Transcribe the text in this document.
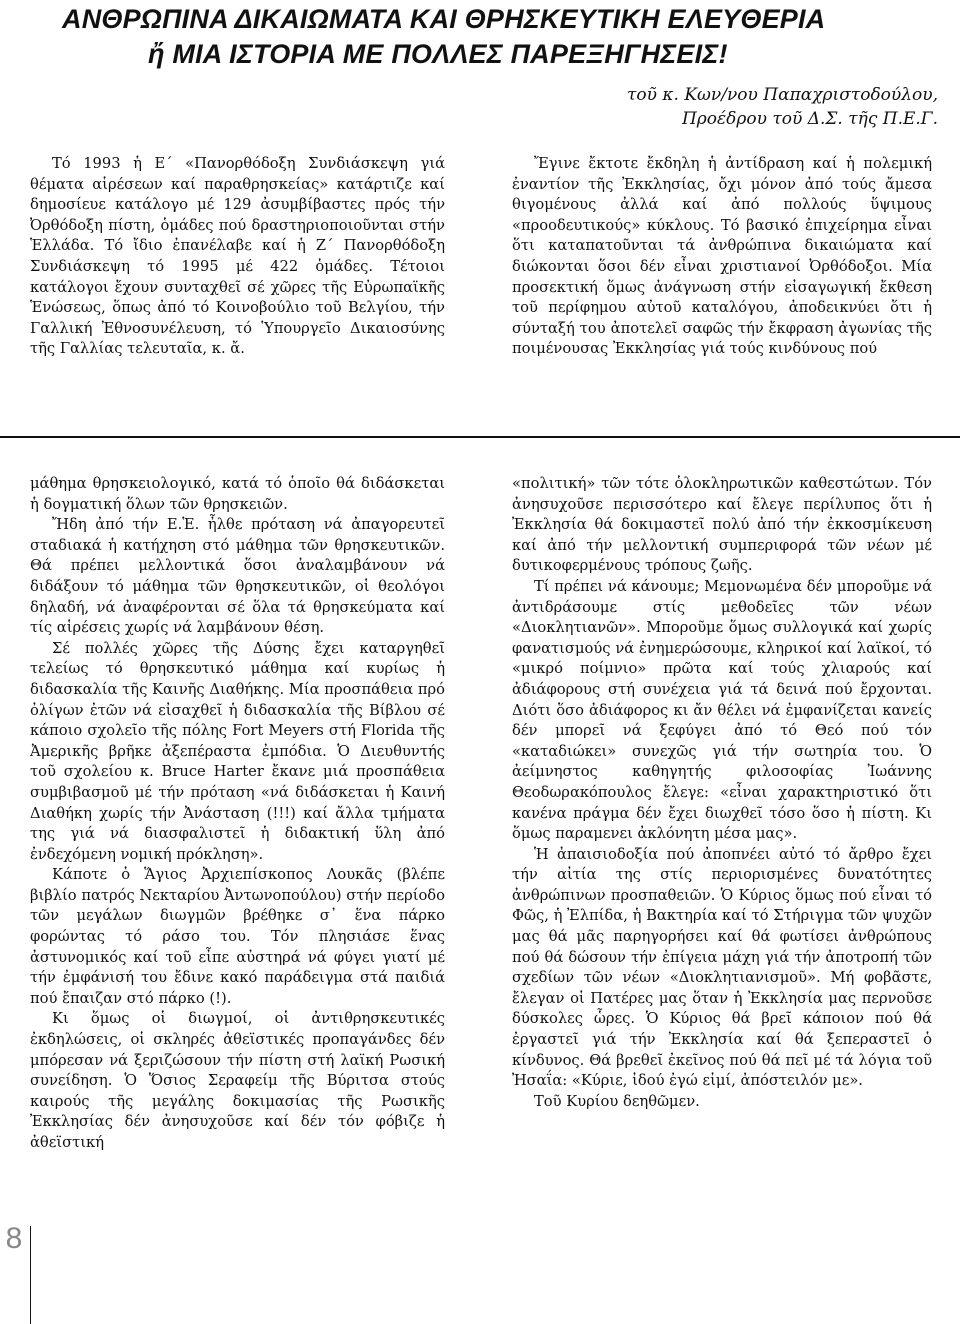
ΑΝΘΡΩΠΙΝΑ ΔΙΚΑΙΩΜΑΤΑ ΚΑΙ ΘΡΗΣΚΕΥΤΙΚΗ ΕΛΕΥΘΕΡΙΑ
ἤ ΜΙΑ ΙΣΤΟΡΙΑ ΜΕ ΠΟΛΛΕΣ ΠΑΡΕΞΗΓΗΣΕΙΣ!
τοῦ κ. Κων/νου Παπαχριστοδούλου,
Προέδρου τοῦ Δ.Σ. τῆς Π.Ε.Γ.

Τό 1993 ἡ Ε΄ «Πανορθόδοξη Συνδιάσκεψη γιά θέματα αἱρέσεων καί παραθρησκείας» κατάρτιζε καί δημοσίευε κατάλογο μέ 129 ἀσυμβίβαστες πρός τήν Ὀρθόδοξη πίστη, ὁμάδες πού δραστηριοποιοῦνται στήν Ἑλλάδα. Τό ἴδιο ἐπανέλαβε καί ἡ Ζ΄ Πανορθόδοξη Συνδιάσκεψη τό 1995 μέ 422 ὁμάδες. Τέτοιοι κατάλογοι ἔχουν συνταχθεῖ σέ χῶρες τῆς Εὐρωπαϊκῆς Ἑνώσεως, ὅπως ἀπό τό Κοινοβούλιο τοῦ Βελγίου, τήν Γαλλική Ἐθνοσυνέλευση, τό Ὑπουργεῖο Δικαιοσύνης τῆς Γαλλίας τελευταῖα, κ. ἄ.

Ἔγινε ἔκτοτε ἔκδηλη ἡ ἀντίδραση καί ἡ πολεμική ἐναντίον τῆς Ἐκκλησίας, ὄχι μόνον ἀπό τούς ἄμεσα θιγομένους ἀλλά καί ἀπό πολλούς ὕψιμους «προοδευτικούς» κύκλους. Τό βασικό ἐπιχείρημα εἶναι ὅτι καταπατοῦνται τά ἀνθρώπινα δικαιώματα καί διώκονται ὅσοι δέν εἶναι χριστιανοί Ὀρθόδοξοι. Μία προσεκτική ὅμως ἀνάγνωση στήν εἰσαγωγική ἔκθεση τοῦ περίφημου αὐτοῦ καταλόγου, ἀποδεικνύει ὅτι ἡ σύνταξή του ἀποτελεῖ σαφῶς τήν ἔκφραση ἀγωνίας τῆς ποιμένουσας Ἐκκλησίας γιά τούς κινδύνους πού

μάθημα θρησκειολογικό, κατά τό ὁποῖο θά διδάσκεται ἡ δογματική ὅλων τῶν θρησκειῶν.

Ἤδη ἀπό τήν Ε.Ἑ. ἦλθε πρόταση νά ἀπαγορευτεῖ σταδιακά ἡ κατήχηση στό μάθημα τῶν θρησκευτικῶν. Θά πρέπει μελλοντικά ὅσοι ἀναλαμβάνουν νά διδάξουν τό μάθημα τῶν θρησκευτικῶν, οἱ θεολόγοι δηλαδή, νά ἀναφέρονται σέ ὅλα τά θρησκεύματα καί τίς αἱρέσεις χωρίς νά λαμβάνουν θέση.

Σέ πολλές χῶρες τῆς Δύσης ἔχει καταργηθεῖ τελείως τό θρησκευτικό μάθημα καί κυρίως ἡ διδασκαλία τῆς Καινῆς Διαθήκης. Μία προσπάθεια πρό ὀλίγων ἐτῶν νά εἰσαχθεῖ ἡ διδασκαλία τῆς Βίβλου σέ κάποιο σχολεῖο τῆς πόλης Fort Meyers στή Florida τῆς Ἀμερικῆς βρῆκε ἀξεπέραστα ἐμπόδια. Ὁ Διευθυντής τοῦ σχολείου κ. Bruce Harter ἔκανε μιά προσπάθεια συμβιβασμοῦ μέ τήν πρόταση «νά διδάσκεται ἡ Καινή Διαθήκη χωρίς τήν Ἀνάσταση (!!!) καί ἄλλα τμήματα της γιά νά διασφαλιστεῖ ἡ διδακτική ὕλη ἀπό ἐνδεχόμενη νομική πρόκληση».

Κάποτε ὁ Ἅγιος Ἀρχιεπίσκοπος Λουκᾶς (βλέπε βιβλίο πατρός Νεκταρίου Ἀντωνοπούλου) στήν περίοδο τῶν μεγάλων διωγμῶν βρέθηκε σ᾽ ἕνα πάρκο φορώντας τό ράσο του. Τόν πλησιάσε ἕνας ἀστυνομικός καί τοῦ εἶπε αὐστηρά νά φύγει γιατί μέ τήν ἐμφάνισή του ἔδινε κακό παράδειγμα στά παιδιά πού ἔπαιζαν στό πάρκο (!).

Κι ὅμως οἱ διωγμοί, οἱ ἀντιθρησκευτικές ἐκδηλώσεις, οἱ σκληρές ἀθεϊστικές προπαγάνδες δέν μπόρεσαν νά ξεριζώσουν τήν πίστη στή λαϊκή Ρωσική συνείδηση. Ὁ Ὅσιος Σεραφείμ τῆς Βύριτσα στούς καιρούς τῆς μεγάλης δοκιμασίας τῆς Ρωσικῆς Ἐκκλησίας δέν ἀνησυχοῦσε καί δέν τόν φόβιζε ἡ ἀθεϊστική

«πολιτική» τῶν τότε ὁλοκληρωτικῶν καθεστώτων. Τόν ἀνησυχοῦσε περισσότερο καί ἔλεγε περίλυπος ὅτι ἡ Ἐκκλησία θά δοκιμαστεῖ πολύ ἀπό τήν ἐκκοσμίκευση καί ἀπό τήν μελλοντική συμπεριφορά τῶν νέων μέ δυτικοφερμένους τρόπους ζωῆς.

Τί πρέπει νά κάνουμε; Μεμονωμένα δέν μποροῦμε νά ἀντιδράσουμε στίς μεθοδεῖες τῶν νέων «Διοκλητιανῶν». Μποροῦμε ὅμως συλλογικά καί χωρίς φανατισμούς νά ἐνημερώσουμε, κληρικοί καί λαϊκοί, τό «μικρό ποίμνιο» πρῶτα καί τούς χλιαρούς καί ἀδιάφορους στή συνέχεια γιά τά δεινά πού ἔρχονται. Διότι ὅσο ἀδιάφορος κι ἄν θέλει νά ἐμφανίζεται κανείς δέν μπορεῖ νά ξεφύγει ἀπό τό Θεό πού τόν «καταδιώκει» συνεχῶς γιά τήν σωτηρία του. Ὁ ἀείμνηστος καθηγητής φιλοσοφίας Ἰωάννης Θεοδωρακόπουλος ἔλεγε: «εἶναι χαρακτηριστικό ὅτι κανένα πράγμα δέν ἔχει διωχθεῖ τόσο ὅσο ἡ πίστη. Κι ὅμως παραμενει ἀκλόνητη μέσα μας».

Ἡ ἀπαισιοδοξία πού ἀποπνέει αὐτό τό ἄρθρο ἔχει τήν αἰτία της στίς περιορισμένες δυνατότητες ἀνθρώπινων προσπαθειῶν. Ὁ Κύριος ὅμως πού εἶναι τό Φῶς, ἡ Ἐλπίδα, ἡ Βακτηρία καί τό Στήριγμα τῶν ψυχῶν μας θά μᾶς παρηγορήσει καί θά φωτίσει ἀνθρώπους πού θά δώσουν τήν ἐπίγεια μάχη γιά τήν ἀποτροπή τῶν σχεδίων τῶν νέων «Διοκλητιανισμοῦ». Μή φοβᾶστε, ἔλεγαν οἱ Πατέρες μας ὅταν ἡ Ἐκκλησία μας περνοῦσε δύσκολες ὧρες. Ὁ Κύριος θά βρεῖ κάποιον πού θά ἐργαστεῖ γιά τήν Ἐκκλησία καί θά ξεπεραστεῖ ὁ κίνδυνος. Θά βρεθεῖ ἐκεῖνος πού θά πεῖ μέ τά λόγια τοῦ Ἠσαΐα: «Κύριε, ἰδού ἐγώ εἰμί, ἀπόστειλόν με».

Τοῦ Κυρίου δεηθῶμεν.

8
